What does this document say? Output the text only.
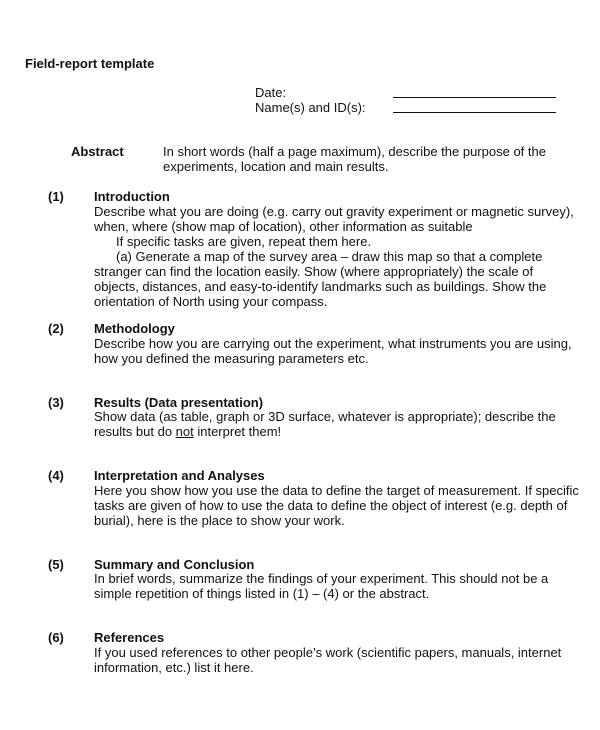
Field-report template
Date:
Name(s) and ID(s):
Abstract	In short words (half a page maximum), describe the purpose of the
experiments, location and main results.
(1) Introduction
Describe what you are doing (e.g. carry out gravity experiment or magnetic survey),
when, where (show map of location), other information as suitable
If specific tasks are given, repeat them here.
(a) Generate a map of the survey area – draw this map so that a complete
stranger can find the location easily. Show (where appropriately) the scale of
objects, distances, and easy-to-identify landmarks such as buildings. Show the
orientation of North using your compass.
(2) Methodology
Describe how you are carrying out the experiment, what instruments you are using,
how you defined the measuring parameters etc.
(3) Results (Data presentation)
Show data (as table, graph or 3D surface, whatever is appropriate); describe the
results but do not interpret them!
(4) Interpretation and Analyses
Here you show how you use the data to define the target of measurement. If specific
tasks are given of how to use the data to define the object of interest (e.g. depth of
burial), here is the place to show your work.
(5) Summary and Conclusion
In brief words, summarize the findings of your experiment. This should not be a
simple repetition of things listed in (1) – (4) or the abstract.
(6) References
If you used references to other people’s work (scientific papers, manuals, internet
information, etc.) list it here.
